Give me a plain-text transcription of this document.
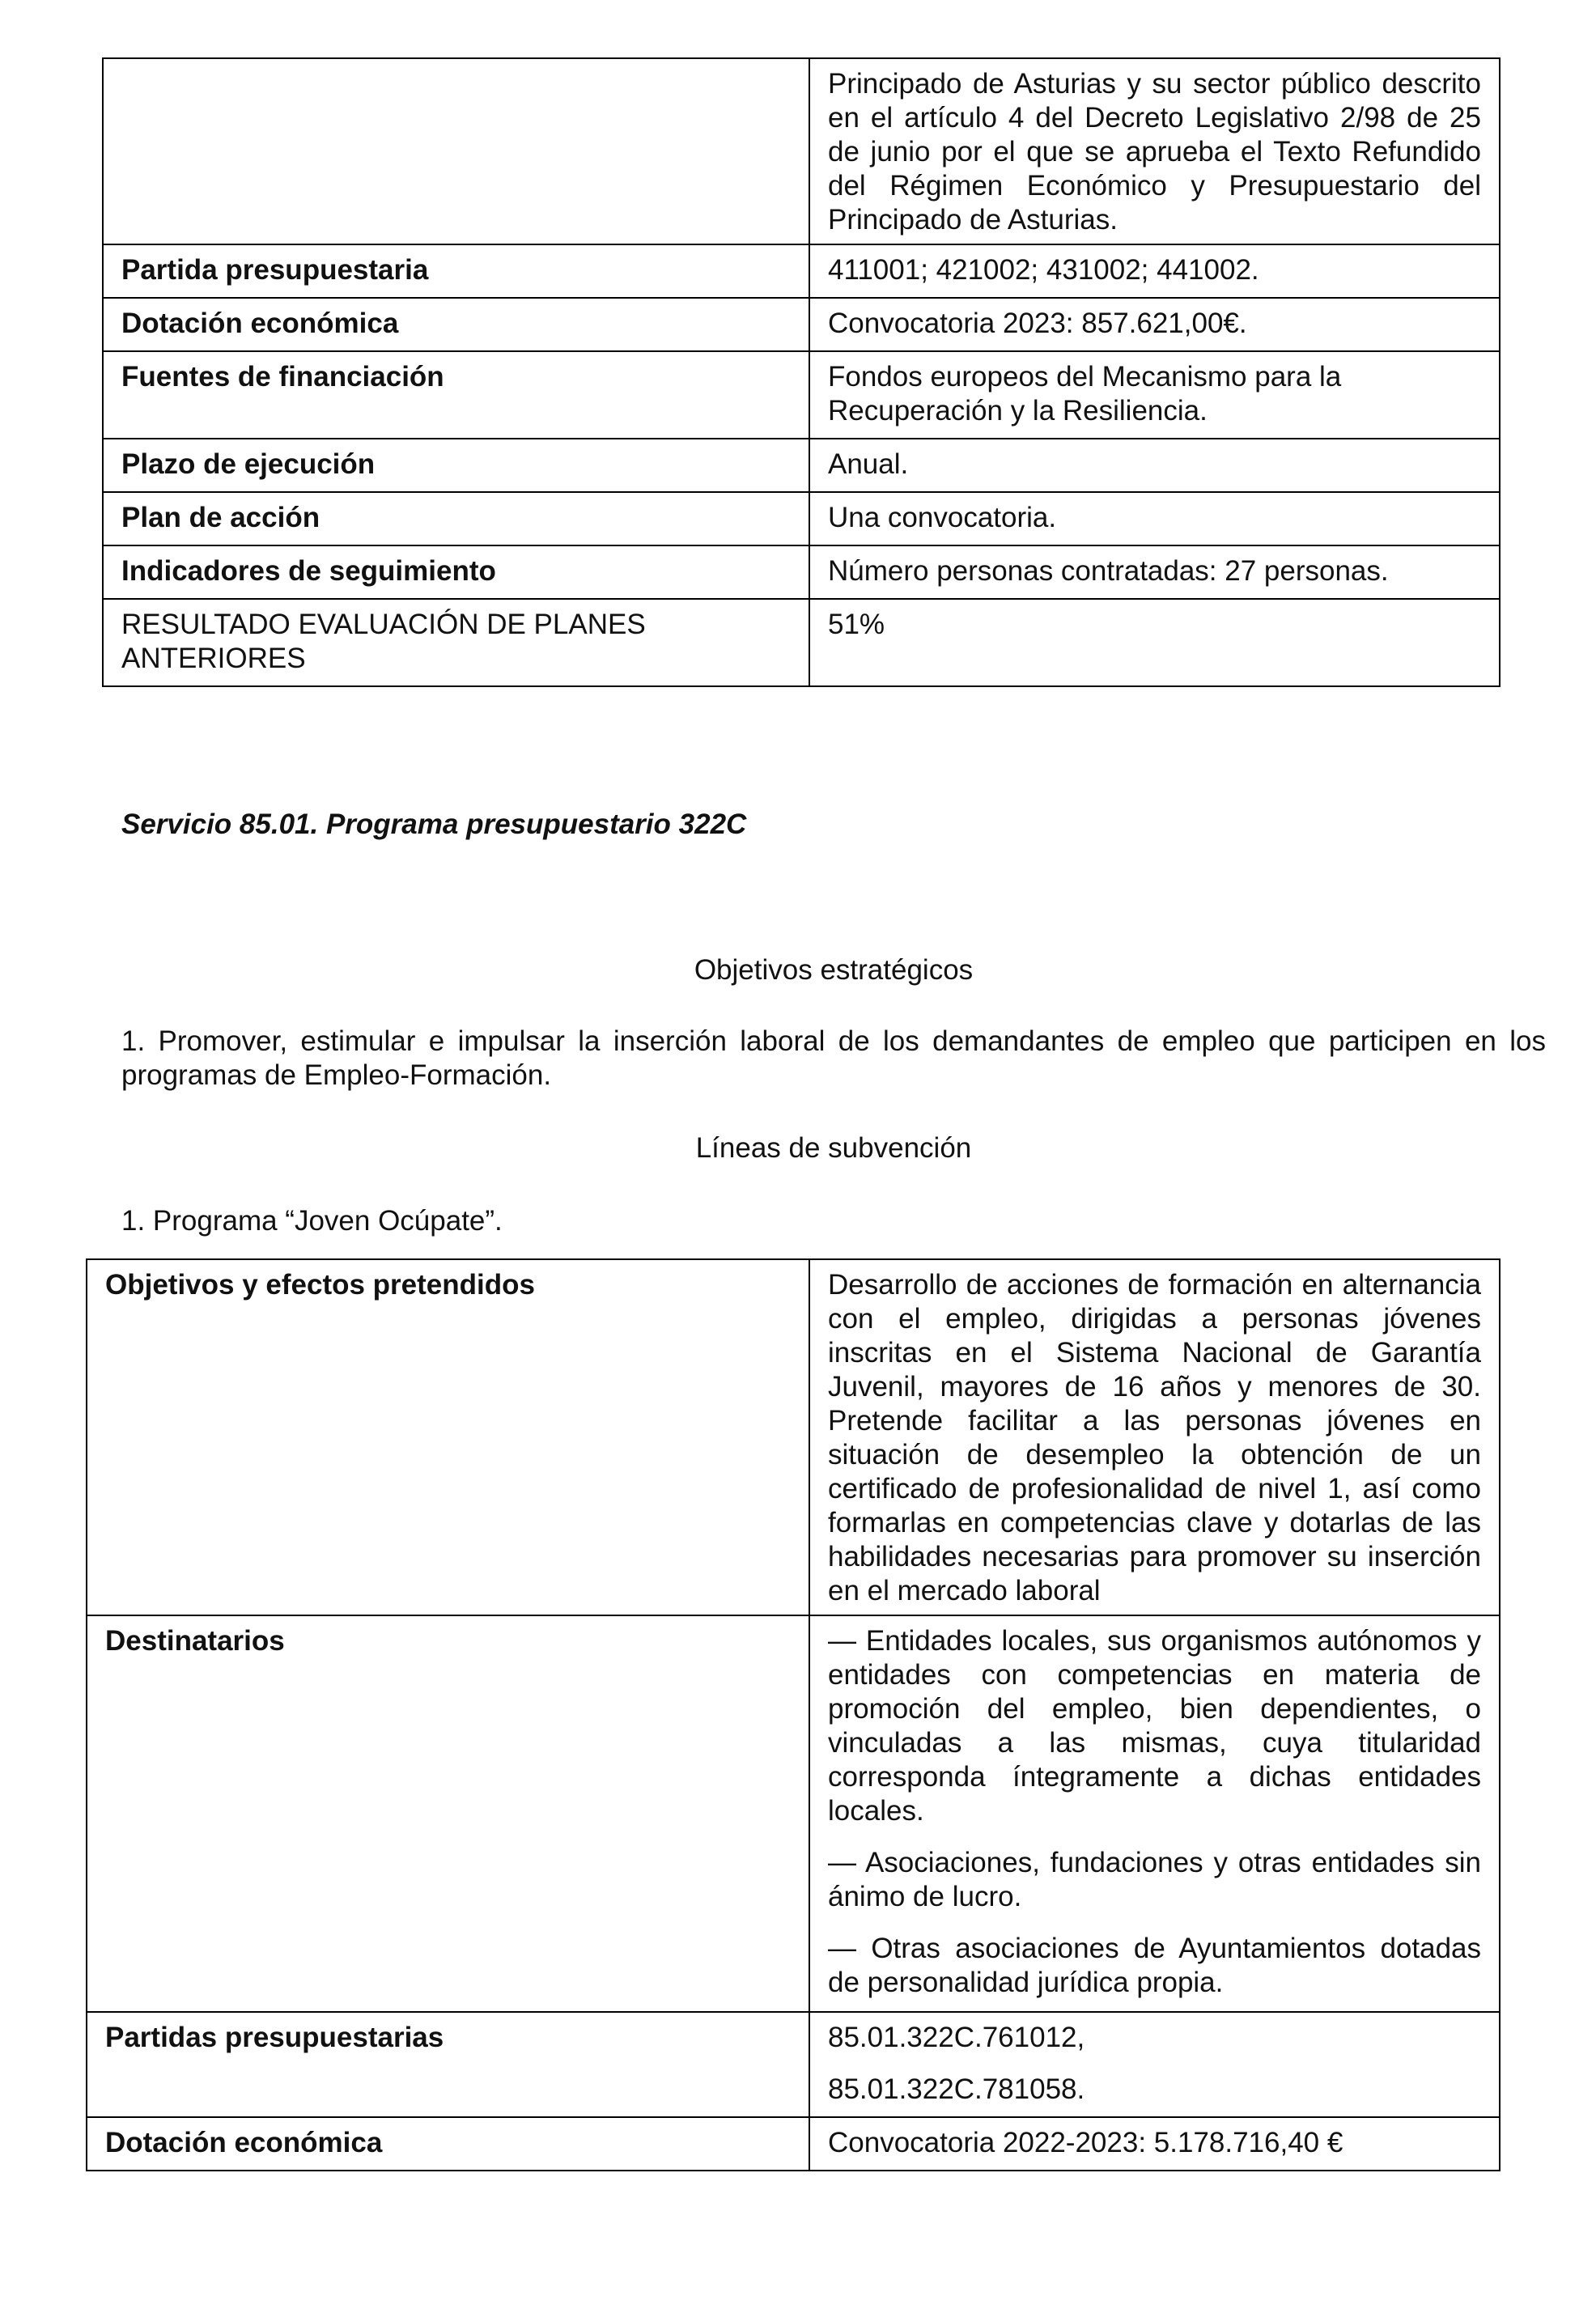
	Principado de Asturias y su sector público descrito en el artículo 4 del Decreto Legislativo 2/98 de 25 de junio por el que se aprueba el Texto Refundido del Régimen Económico y Presupuestario del Principado de Asturias.
Partida presupuestaria	411001; 421002; 431002; 441002.
Dotación económica	Convocatoria 2023: 857.621,00€.
Fuentes de financiación	Fondos europeos del Mecanismo para la Recuperación y la Resiliencia.
Plazo de ejecución	Anual.
Plan de acción	Una convocatoria.
Indicadores de seguimiento	Número personas contratadas: 27 personas.
RESULTADO EVALUACIÓN DE PLANES ANTERIORES	51%
Servicio 85.01. Programa presupuestario 322C
Objetivos estratégicos
1. Promover, estimular e impulsar la inserción laboral de los demandantes de empleo que participen en los programas de Empleo-Formación.
Líneas de subvención
1. Programa “Joven Ocúpate”.
Objetivos y efectos pretendidos	Desarrollo de acciones de formación en alternancia con el empleo, dirigidas a personas jóvenes inscritas en el Sistema Nacional de Garantía Juvenil, mayores de 16 años y menores de 30. Pretende facilitar a las personas jóvenes en situación de desempleo la obtención de un certificado de profesionalidad de nivel 1, así como formarlas en competencias clave y dotarlas de las habilidades necesarias para promover su inserción en el mercado laboral
Destinatarios	— Entidades locales, sus organismos autónomos y entidades con competencias en materia de promoción del empleo, bien dependientes, o vinculadas a las mismas, cuya titularidad corresponda íntegramente a dichas entidades locales.

— Asociaciones, fundaciones y otras entidades sin ánimo de lucro.

— Otras asociaciones de Ayuntamientos dotadas de personalidad jurídica propia.

Partidas presupuestarias	85.01.322C.761012,

85.01.322C.781058.

Dotación económica	Convocatoria 2022-2023: 5.178.716,40 €
